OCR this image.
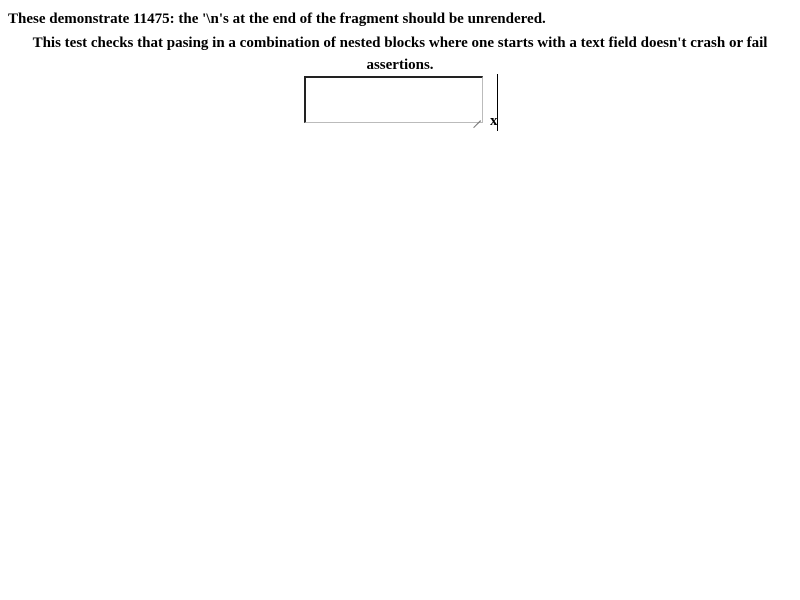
These demonstrate 11475: the '\n's at the end of the fragment should be unrendered.
This test checks that pasing in a combination of nested blocks where one starts with a text field doesn't crash or fail assertions.
x
